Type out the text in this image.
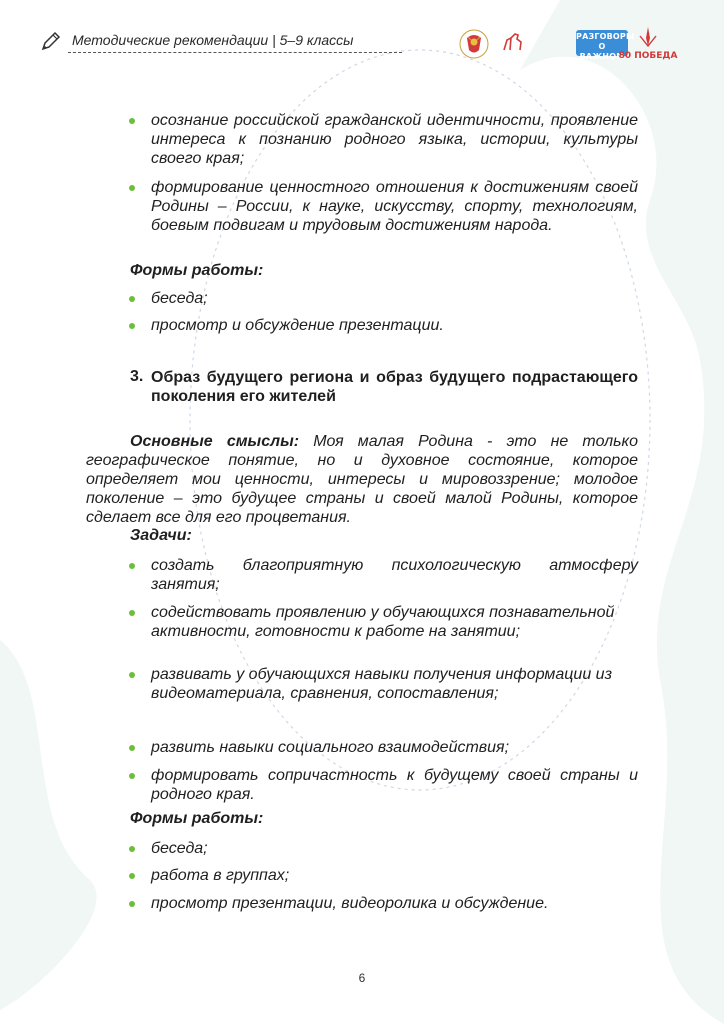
Методические рекомендации | 5–9 классы
	РАЗГОВОРЫ
О ВАЖНОМ
80 ПОБЕДА
осознание российской гражданской идентичности, проявление интереса к познанию родного языка, истории, культуры своего края;
формирование ценностного отношения к достижениям своей Родины – России, к науке, искусству, спорту, технологиям, боевым подвигам и трудовым достижениям народа.
Формы работы:
беседа;
просмотр и обсуждение презентации.
3. Образ будущего региона и образ будущего подрастающего поколения его жителей
Основные смыслы: Моя малая Родина - это не только географическое понятие, но и духовное состояние, которое определяет мои ценности, интересы и мировоззрение; молодое поколение – это будущее страны и своей малой Родины, которое сделает все для его процветания.
Задачи:
создать благоприятную психологическую атмосферу занятия;
содействовать проявлению у обучающихся познавательной активности, готовности к работе на занятии;
развивать у обучающихся навыки получения информации из видеоматериала, сравнения, сопоставления;
развить навыки социального взаимодействия;
формировать сопричастность к будущему своей страны и родного края.
Формы работы:
беседа;
работа в группах;
просмотр презентации, видеоролика и обсуждение.
6
